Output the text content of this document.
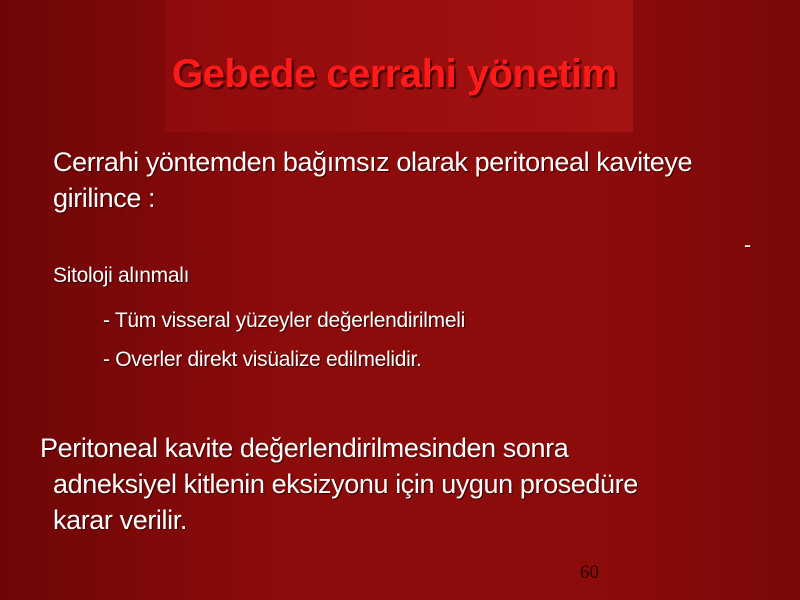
Gebede cerrahi yönetim
Cerrahi yöntemden bağımsız olarak peritoneal kaviteye
girilince :
-
Sitoloji alınmalı
- Tüm visseral yüzeyler değerlendirilmeli
- Overler direkt visüalize edilmelidir.
Peritoneal kavite değerlendirilmesinden sonra
adneksiyel kitlenin eksizyonu için uygun prosedüre
karar verilir.
60
